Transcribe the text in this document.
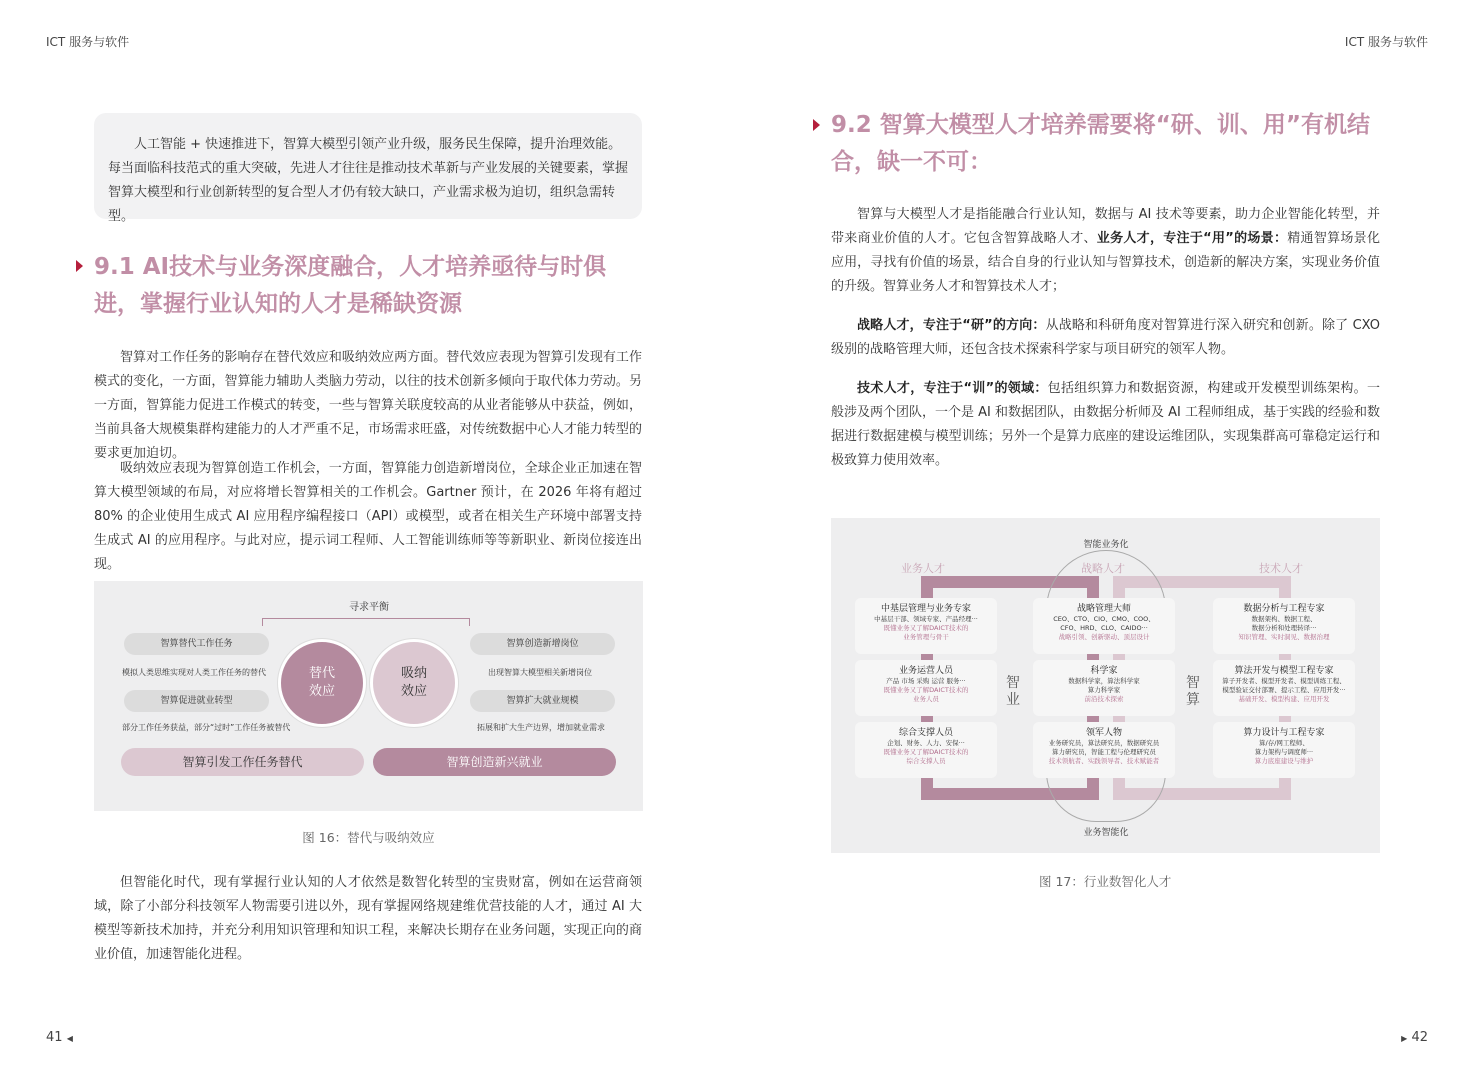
ICT 服务与软件	ICT 服务与软件
人工智能 + 快速推进下，智算大模型引领产业升级，服务民生保障，提升治理效能。每当面临科技范式的重大突破，先进人才往往是推动技术革新与产业发展的关键要素，掌握智算大模型和行业创新转型的复合型人才仍有较大缺口，产业需求极为迫切，组织急需转型。
9.1 AI技术与业务深度融合，人才培养亟待与时俱
进，掌握行业认知的人才是稀缺资源
智算对工作任务的影响存在替代效应和吸纳效应两方面。替代效应表现为智算引发现有工作模式的变化，一方面，智算能力辅助人类脑力劳动，以往的技术创新多倾向于取代体力劳动。另一方面，智算能力促进工作模式的转变，一些与智算关联度较高的从业者能够从中获益，例如，当前具备大规模集群构建能力的人才严重不足，市场需求旺盛，对传统数据中心人才能力转型的要求更加迫切。
吸纳效应表现为智算创造工作机会，一方面，智算能力创造新增岗位，全球企业正加速在智算大模型领域的布局，对应将增长智算相关的工作机会。Gartner 预计，在 2026 年将有超过 80% 的企业使用生成式 AI 应用程序编程接口（API）或模型，或者在相关生产环境中部署支持生成式 AI 的应用程序。与此对应，提示词工程师、人工智能训练师等等新职业、新岗位接连出现。
寻求平衡
智算替代工作任务
模拟人类思维实现对人类工作任务的替代
智算促进就业转型
部分工作任务获益，部分“过时”工作任务被替代
替代
效应
吸纳
效应
智算创造新增岗位
出现智算大模型相关新增岗位
智算扩大就业规模
拓展和扩大生产边界，增加就业需求
智算引发工作任务替代	智算创造新兴就业
图 16：替代与吸纳效应
但智能化时代，现有掌握行业认知的人才依然是数智化转型的宝贵财富，例如在运营商领域，除了小部分科技领军人物需要引进以外，现有掌握网络规建维优营技能的人才，通过 AI 大模型等新技术加持，并充分利用知识管理和知识工程，来解决长期存在业务问题，实现正向的商业价值，加速智能化进程。
9.2 智算大模型人才培养需要将“研、训、用”有机结
合，缺一不可：
智算与大模型人才是指能融合行业认知，数据与 AI 技术等要素，助力企业智能化转型，并带来商业价值的人才。它包含智算战略人才、业务人才，专注于“用”的场景：精通智算场景化应用，寻找有价值的场景，结合自身的行业认知与智算技术，创造新的解决方案，实现业务价值的升级。智算业务人才和智算技术人才；
战略人才，专注于“研”的方向：从战略和科研角度对智算进行深入研究和创新。除了 CXO 级别的战略管理大师，还包含技术探索科学家与项目研究的领军人物。
技术人才，专注于“训”的领域：包括组织算力和数据资源，构建或开发模型训练架构。一般涉及两个团队，一个是 AI 和数据团队，由数据分析师及 AI 工程师组成，基于实践的经验和数据进行数据建模与模型训练；另外一个是算力底座的建设运维团队，实现集群高可靠稳定运行和极致算力使用效率。
智能业务化
业务智能化
业务人才	战略人才	技术人才
智业
智算
中基层管理与业务专家
中基层干部、领域专家、产品经理···
既懂业务又了解DAICT技术的
业务管理与骨干
战略管理大师
CEO、CTO、CIO、CMO、COO、
CFO、HRD、CLO、CAIDO···
战略引领、创新驱动、顶层设计
数据分析与工程专家
数据架构、数据工程、
数据分析和处理转译···
知识管理、实时洞见、数据治理
业务运营人员
产品 市场 采购 运营 服务···
既懂业务又了解DAICT技术的
业务人员
科学家
数据科学家，算法科学家
算力科学家
前沿技术探索
算法开发与模型工程专家
算子开发者、模型开发者、模型训练工程、
模型验证交付部署、提示工程、应用开发···
基础开发、模型构建、应用开发
综合支撑人员
企划、财务、人力、安保···
既懂业务又了解DAICT技术的
综合支撑人员
领军人物
业务研究员，算法研究员，数据研究员
算力研究员，智能工程与伦理研究员
技术领航者、实践领导者、技术赋能者
算力设计与工程专家
算/存/网工程师、
算力架构与调度师···
算力底座建设与维护
图 17：行业数智化人才
41 ◀	▶ 42
